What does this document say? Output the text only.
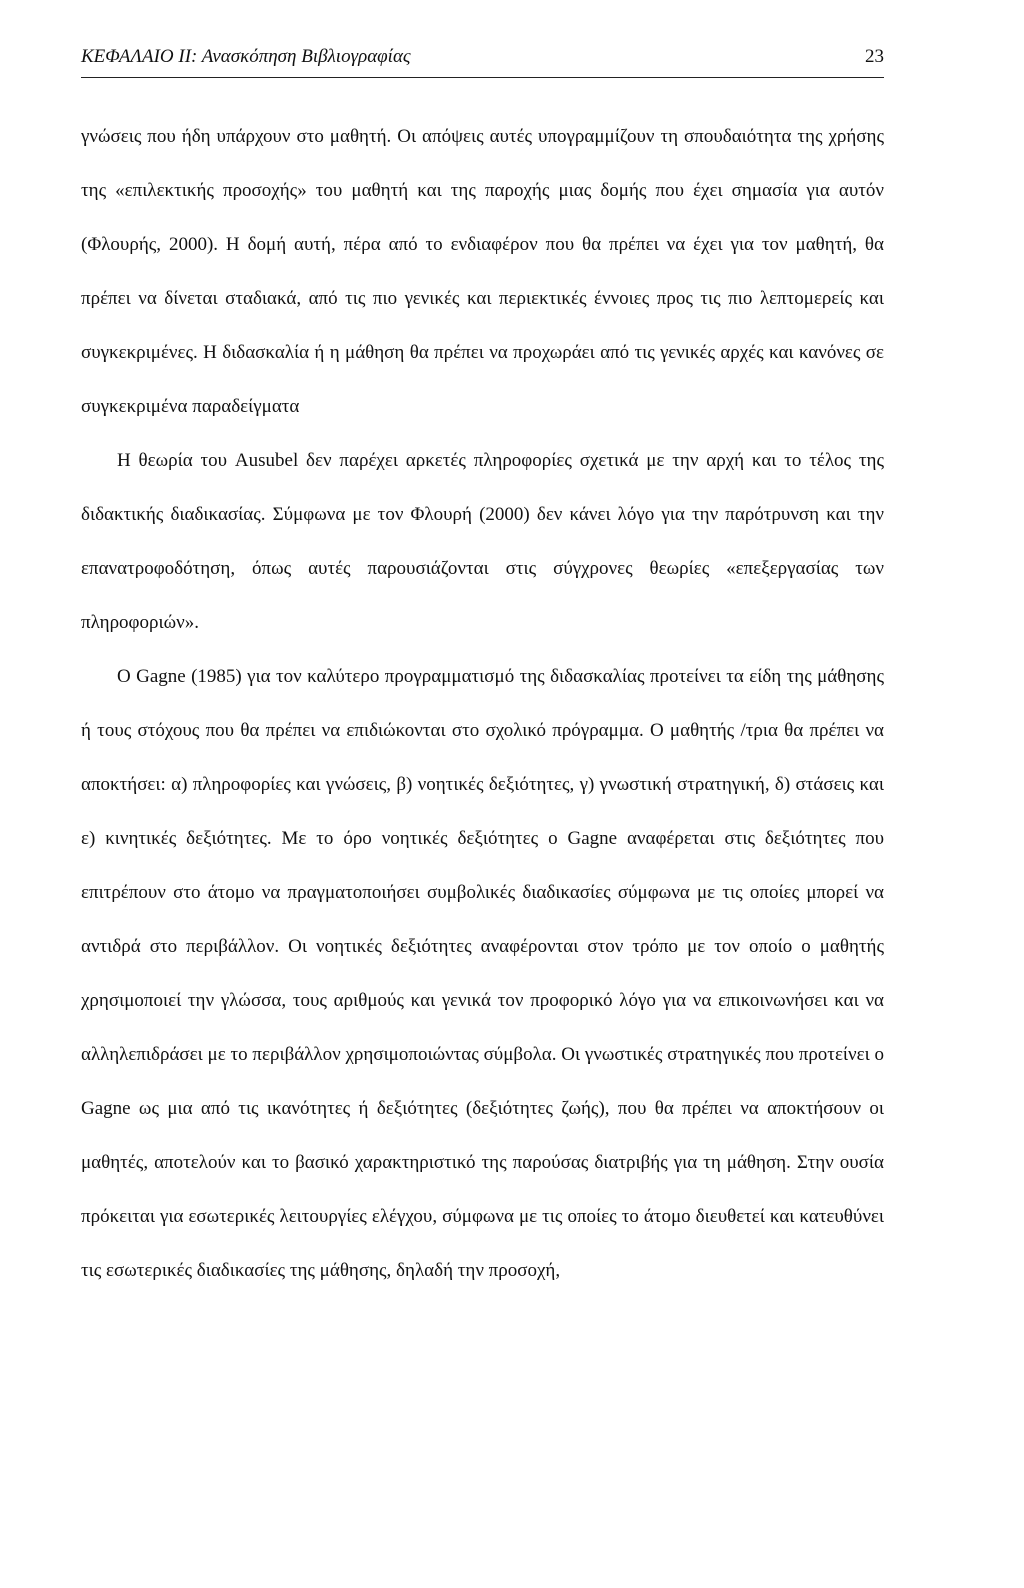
ΚΕΦΑΛΑΙΟ ΙΙ: Ανασκόπηση Βιβλιογραφίας	23

γνώσεις που ήδη υπάρχουν στο μαθητή. Οι απόψεις αυτές υπογραμμίζουν τη σπουδαιότητα της χρήσης της «επιλεκτικής προσοχής» του μαθητή και της παροχής μιας δομής που έχει σημασία για αυτόν (Φλουρής, 2000). Η δομή αυτή, πέρα από το ενδιαφέρον που θα πρέπει να έχει για τον μαθητή, θα πρέπει να δίνεται σταδιακά, από τις πιο γενικές και περιεκτικές έννοιες προς τις πιο λεπτομερείς και συγκεκριμένες. Η διδασκαλία ή η μάθηση θα πρέπει να προχωράει από τις γενικές αρχές και κανόνες σε συγκεκριμένα παραδείγματα

Η θεωρία του Ausubel δεν παρέχει αρκετές πληροφορίες σχετικά με την αρχή και το τέλος της διδακτικής διαδικασίας. Σύμφωνα με τον Φλουρή (2000) δεν κάνει λόγο για την παρότρυνση και την επανατροφοδότηση, όπως αυτές παρουσιάζονται στις σύγχρονες θεωρίες «επεξεργασίας των πληροφοριών».

Ο Gagne (1985) για τον καλύτερο προγραμματισμό της διδασκαλίας προτείνει τα είδη της μάθησης ή τους στόχους που θα πρέπει να επιδιώκονται στο σχολικό πρόγραμμα. Ο μαθητής /τρια θα πρέπει να αποκτήσει: α) πληροφορίες και γνώσεις, β) νοητικές δεξιότητες, γ) γνωστική στρατηγική, δ) στάσεις και ε) κινητικές δεξιότητες. Με το όρο νοητικές δεξιότητες ο Gagne αναφέρεται στις δεξιότητες που επιτρέπουν στο άτομο να πραγματοποιήσει συμβολικές διαδικασίες σύμφωνα με τις οποίες μπορεί να αντιδρά στο περιβάλλον. Οι νοητικές δεξιότητες αναφέρονται στον τρόπο με τον οποίο ο μαθητής χρησιμοποιεί την γλώσσα, τους αριθμούς και γενικά τον προφορικό λόγο για να επικοινωνήσει και να αλληλεπιδράσει με το περιβάλλον χρησιμοποιώντας σύμβολα. Οι γνωστικές στρατηγικές που προτείνει ο Gagne ως μια από τις ικανότητες ή δεξιότητες (δεξιότητες ζωής), που θα πρέπει να αποκτήσουν οι μαθητές, αποτελούν και το βασικό χαρακτηριστικό της παρούσας διατριβής για τη μάθηση. Στην ουσία πρόκειται για εσωτερικές λειτουργίες ελέγχου, σύμφωνα με τις οποίες το άτομο διευθετεί και κατευθύνει τις εσωτερικές διαδικασίες της μάθησης, δηλαδή την προσοχή,
